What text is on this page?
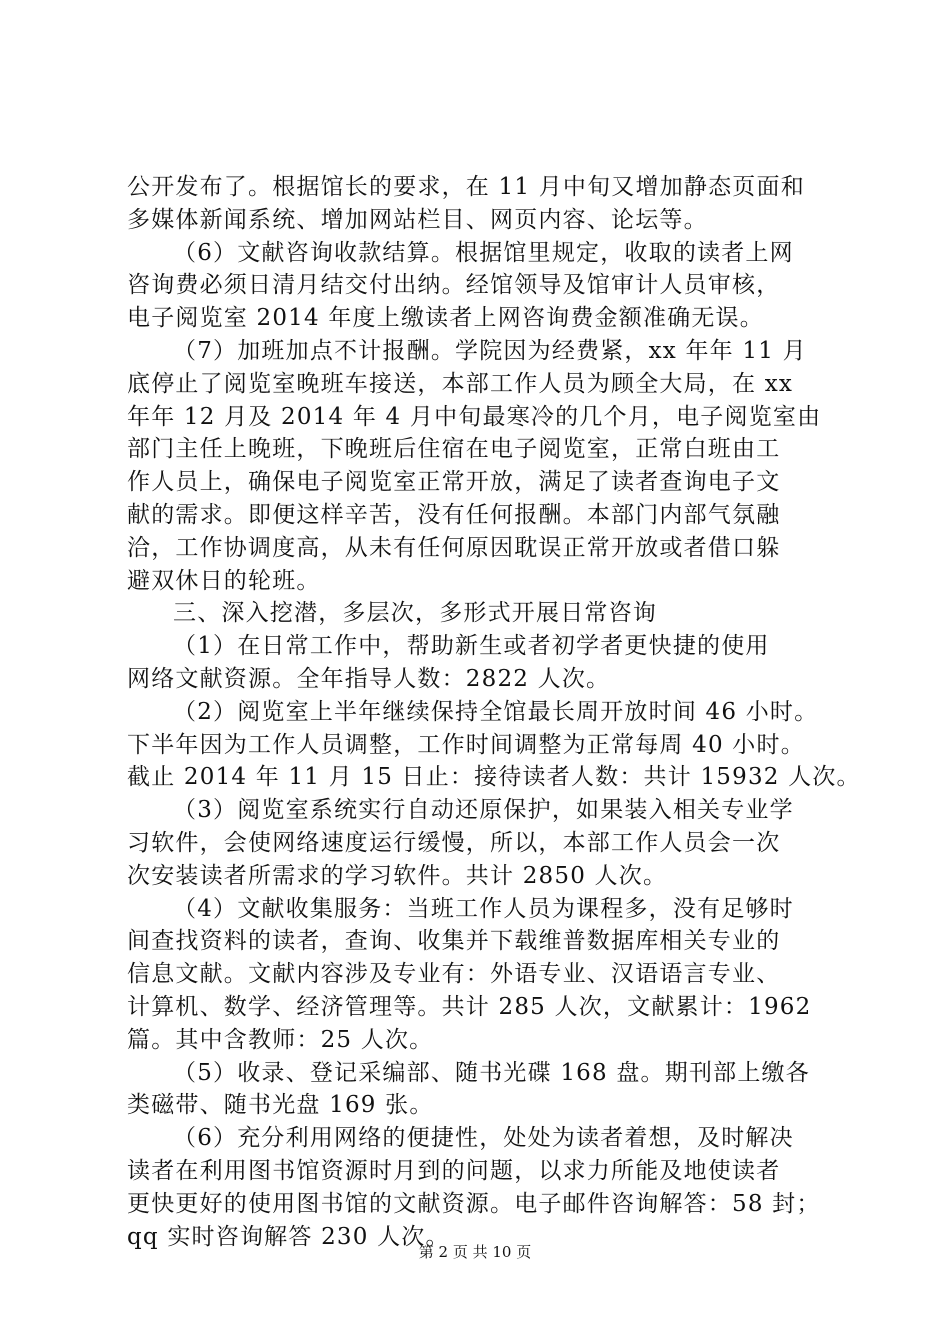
公开发布了。根据馆长的要求，在 11 月中旬又增加静态页面和
多媒体新闻系统、增加网站栏目、网页内容、论坛等。
（6）文献咨询收款结算。根据馆里规定，收取的读者上网
咨询费必须日清月结交付出纳。经馆领导及馆审计人员审核，
电子阅览室 2014 年度上缴读者上网咨询费金额准确无误。
（7）加班加点不计报酬。学院因为经费紧，xx 年年 11 月
底停止了阅览室晚班车接送，本部工作人员为顾全大局，在 xx
年年 12 月及 2014 年 4 月中旬最寒冷的几个月，电子阅览室由
部门主任上晚班，下晚班后住宿在电子阅览室，正常白班由工
作人员上，确保电子阅览室正常开放，满足了读者查询电子文
献的需求。即便这样辛苦，没有任何报酬。本部门内部气氛融
洽，工作协调度高，从未有任何原因耽误正常开放或者借口躲
避双休日的轮班。
三、深入挖潜，多层次，多形式开展日常咨询
（1）在日常工作中，帮助新生或者初学者更快捷的使用
网络文献资源。全年指导人数：2822 人次。
（2）阅览室上半年继续保持全馆最长周开放时间 46 小时。
下半年因为工作人员调整，工作时间调整为正常每周 40 小时。
截止 2014 年 11 月 15 日止：接待读者人数：共计 15932 人次。
（3）阅览室系统实行自动还原保护，如果装入相关专业学
习软件，会使网络速度运行缓慢，所以，本部工作人员会一次
次安装读者所需求的学习软件。共计 2850 人次。
（4）文献收集服务：当班工作人员为课程多，没有足够时
间查找资料的读者，查询、收集并下载维普数据库相关专业的
信息文献。文献内容涉及专业有：外语专业、汉语语言专业、
计算机、数学、经济管理等。共计 285 人次，文献累计：1962
篇。其中含教师：25 人次。
（5）收录、登记采编部、随书光碟 168 盘。期刊部上缴各
类磁带、随书光盘 169 张。
（6）充分利用网络的便捷性，处处为读者着想，及时解决
读者在利用图书馆资源时月到的问题，以求力所能及地使读者
更快更好的使用图书馆的文献资源。电子邮件咨询解答：58 封；
qq 实时咨询解答 230 人次。
第 2 页 共 10 页
